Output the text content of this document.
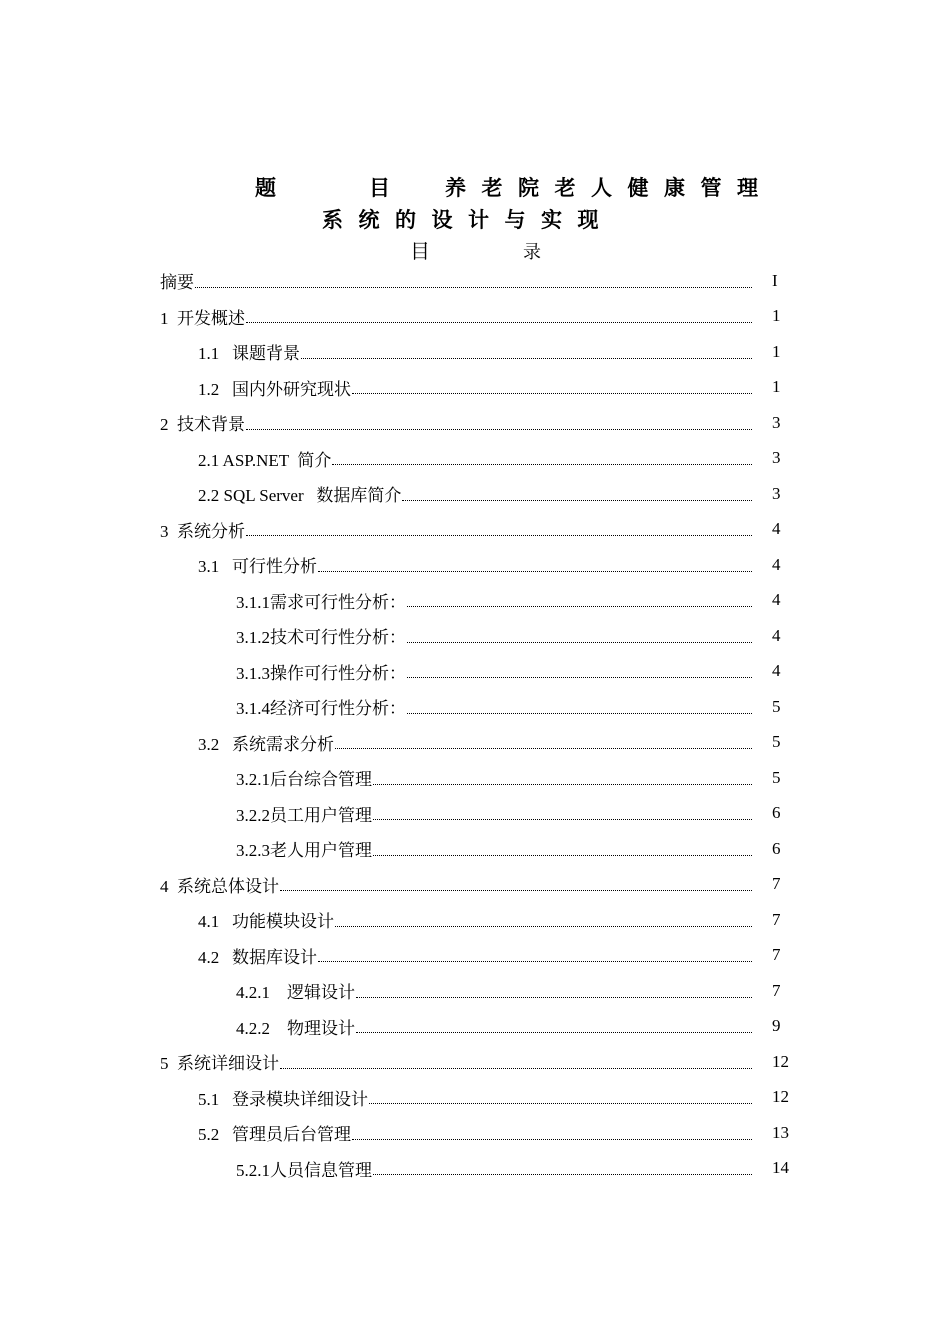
题	目	养老院老人健康管理
系统的设计与实现
目	录
摘要	I
1  开发概述	1
1.1   课题背景	1
1.2   国内外研究现状	1
2  技术背景	3
2.1 ASP.NET  简介	3
2.2 SQL Server   数据库简介	3
3  系统分析	4
3.1   可行性分析	4
3.1.1需求可行性分析：	4
3.1.2技术可行性分析：	4
3.1.3操作可行性分析：	4
3.1.4经济可行性分析：	5
3.2   系统需求分析	5
3.2.1后台综合管理	5
3.2.2员工用户管理	6
3.2.3老人用户管理	6
4  系统总体设计	7
4.1   功能模块设计	7
4.2   数据库设计	7
4.2.1    逻辑设计	7
4.2.2    物理设计	9
5  系统详细设计	12
5.1   登录模块详细设计	12
5.2   管理员后台管理	13
5.2.1人员信息管理	14
